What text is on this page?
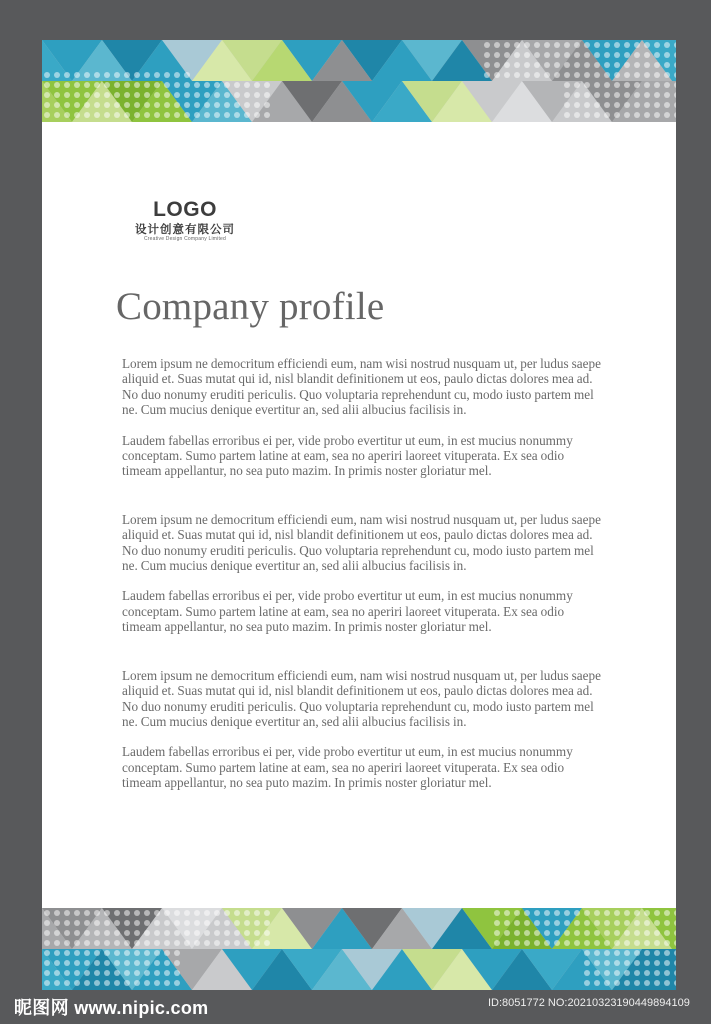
LOGO
设计创意有限公司
Creative Design Company Limited
Company profile

Lorem ipsum ne democritum efficiendi eum, nam wisi nostrud nusquam ut, per ludus saepe aliquid et. Suas mutat qui id, nisl blandit definitionem ut eos, paulo dictas dolores mea ad. No duo nonumy eruditi periculis. Quo voluptaria reprehendunt cu, modo iusto partem mel ne. Cum mucius denique evertitur an, sed alii albucius facilisis in.

Laudem fabellas erroribus ei per, vide probo evertitur ut eum, in est mucius nonummy conceptam. Sumo partem latine at eam, sea no aperiri laoreet vituperata. Ex sea odio timeam appellantur, no sea puto mazim. In primis noster gloriatur mel.

Lorem ipsum ne democritum efficiendi eum, nam wisi nostrud nusquam ut, per ludus saepe aliquid et. Suas mutat qui id, nisl blandit definitionem ut eos, paulo dictas dolores mea ad. No duo nonumy eruditi periculis. Quo voluptaria reprehendunt cu, modo iusto partem mel ne. Cum mucius denique evertitur an, sed alii albucius facilisis in.

Laudem fabellas erroribus ei per, vide probo evertitur ut eum, in est mucius nonummy conceptam. Sumo partem latine at eam, sea no aperiri laoreet vituperata. Ex sea odio timeam appellantur, no sea puto mazim. In primis noster gloriatur mel.

Lorem ipsum ne democritum efficiendi eum, nam wisi nostrud nusquam ut, per ludus saepe aliquid et. Suas mutat qui id, nisl blandit definitionem ut eos, paulo dictas dolores mea ad. No duo nonumy eruditi periculis. Quo voluptaria reprehendunt cu, modo iusto partem mel ne. Cum mucius denique evertitur an, sed alii albucius facilisis in.

Laudem fabellas erroribus ei per, vide probo evertitur ut eum, in est mucius nonummy conceptam. Sumo partem latine at eam, sea no aperiri laoreet vituperata. Ex sea odio timeam appellantur, no sea puto mazim. In primis noster gloriatur mel.

昵图网 www.nipic.com	ID:8051772 NO:20210323190449894109
